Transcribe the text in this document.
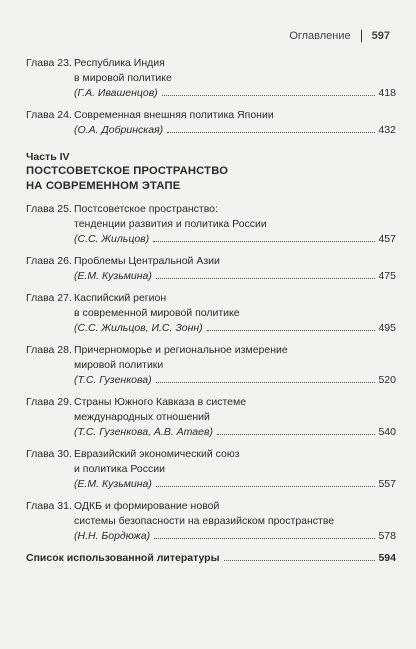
Оглавление 597
Глава 23. Республика Индия
в мировой политике
(Г.А. Ивашенцов)	418
Глава 24. Современная внешняя политика Японии
(О.А. Добринская)	432
Часть IV
ПОСТСОВЕТСКОЕ ПРОСТРАНСТВО
НА СОВРЕМЕННОМ ЭТАПЕ
Глава 25. Постсоветское пространство:
тенденции развития и политика России
(С.С. Жильцов)	457
Глава 26. Проблемы Центральной Азии
(Е.М. Кузьмина)	475
Глава 27. Каспийский регион
в современной мировой политике
(С.С. Жильцов, И.С. Зонн)	495
Глава 28. Причерноморье и региональное измерение
мировой политики
(Т.С. Гузенкова)	520
Глава 29. Страны Южного Кавказа в системе
международных отношений
(Т.С. Гузенкова, А.В. Атаев)	540
Глава 30. Евразийский экономический союз
и политика России
(Е.М. Кузьмина)	557
Глава 31. ОДКБ и формирование новой
системы безопасности на евразийском пространстве
(Н.Н. Бордюжа)	578
Список использованной литературы	594
